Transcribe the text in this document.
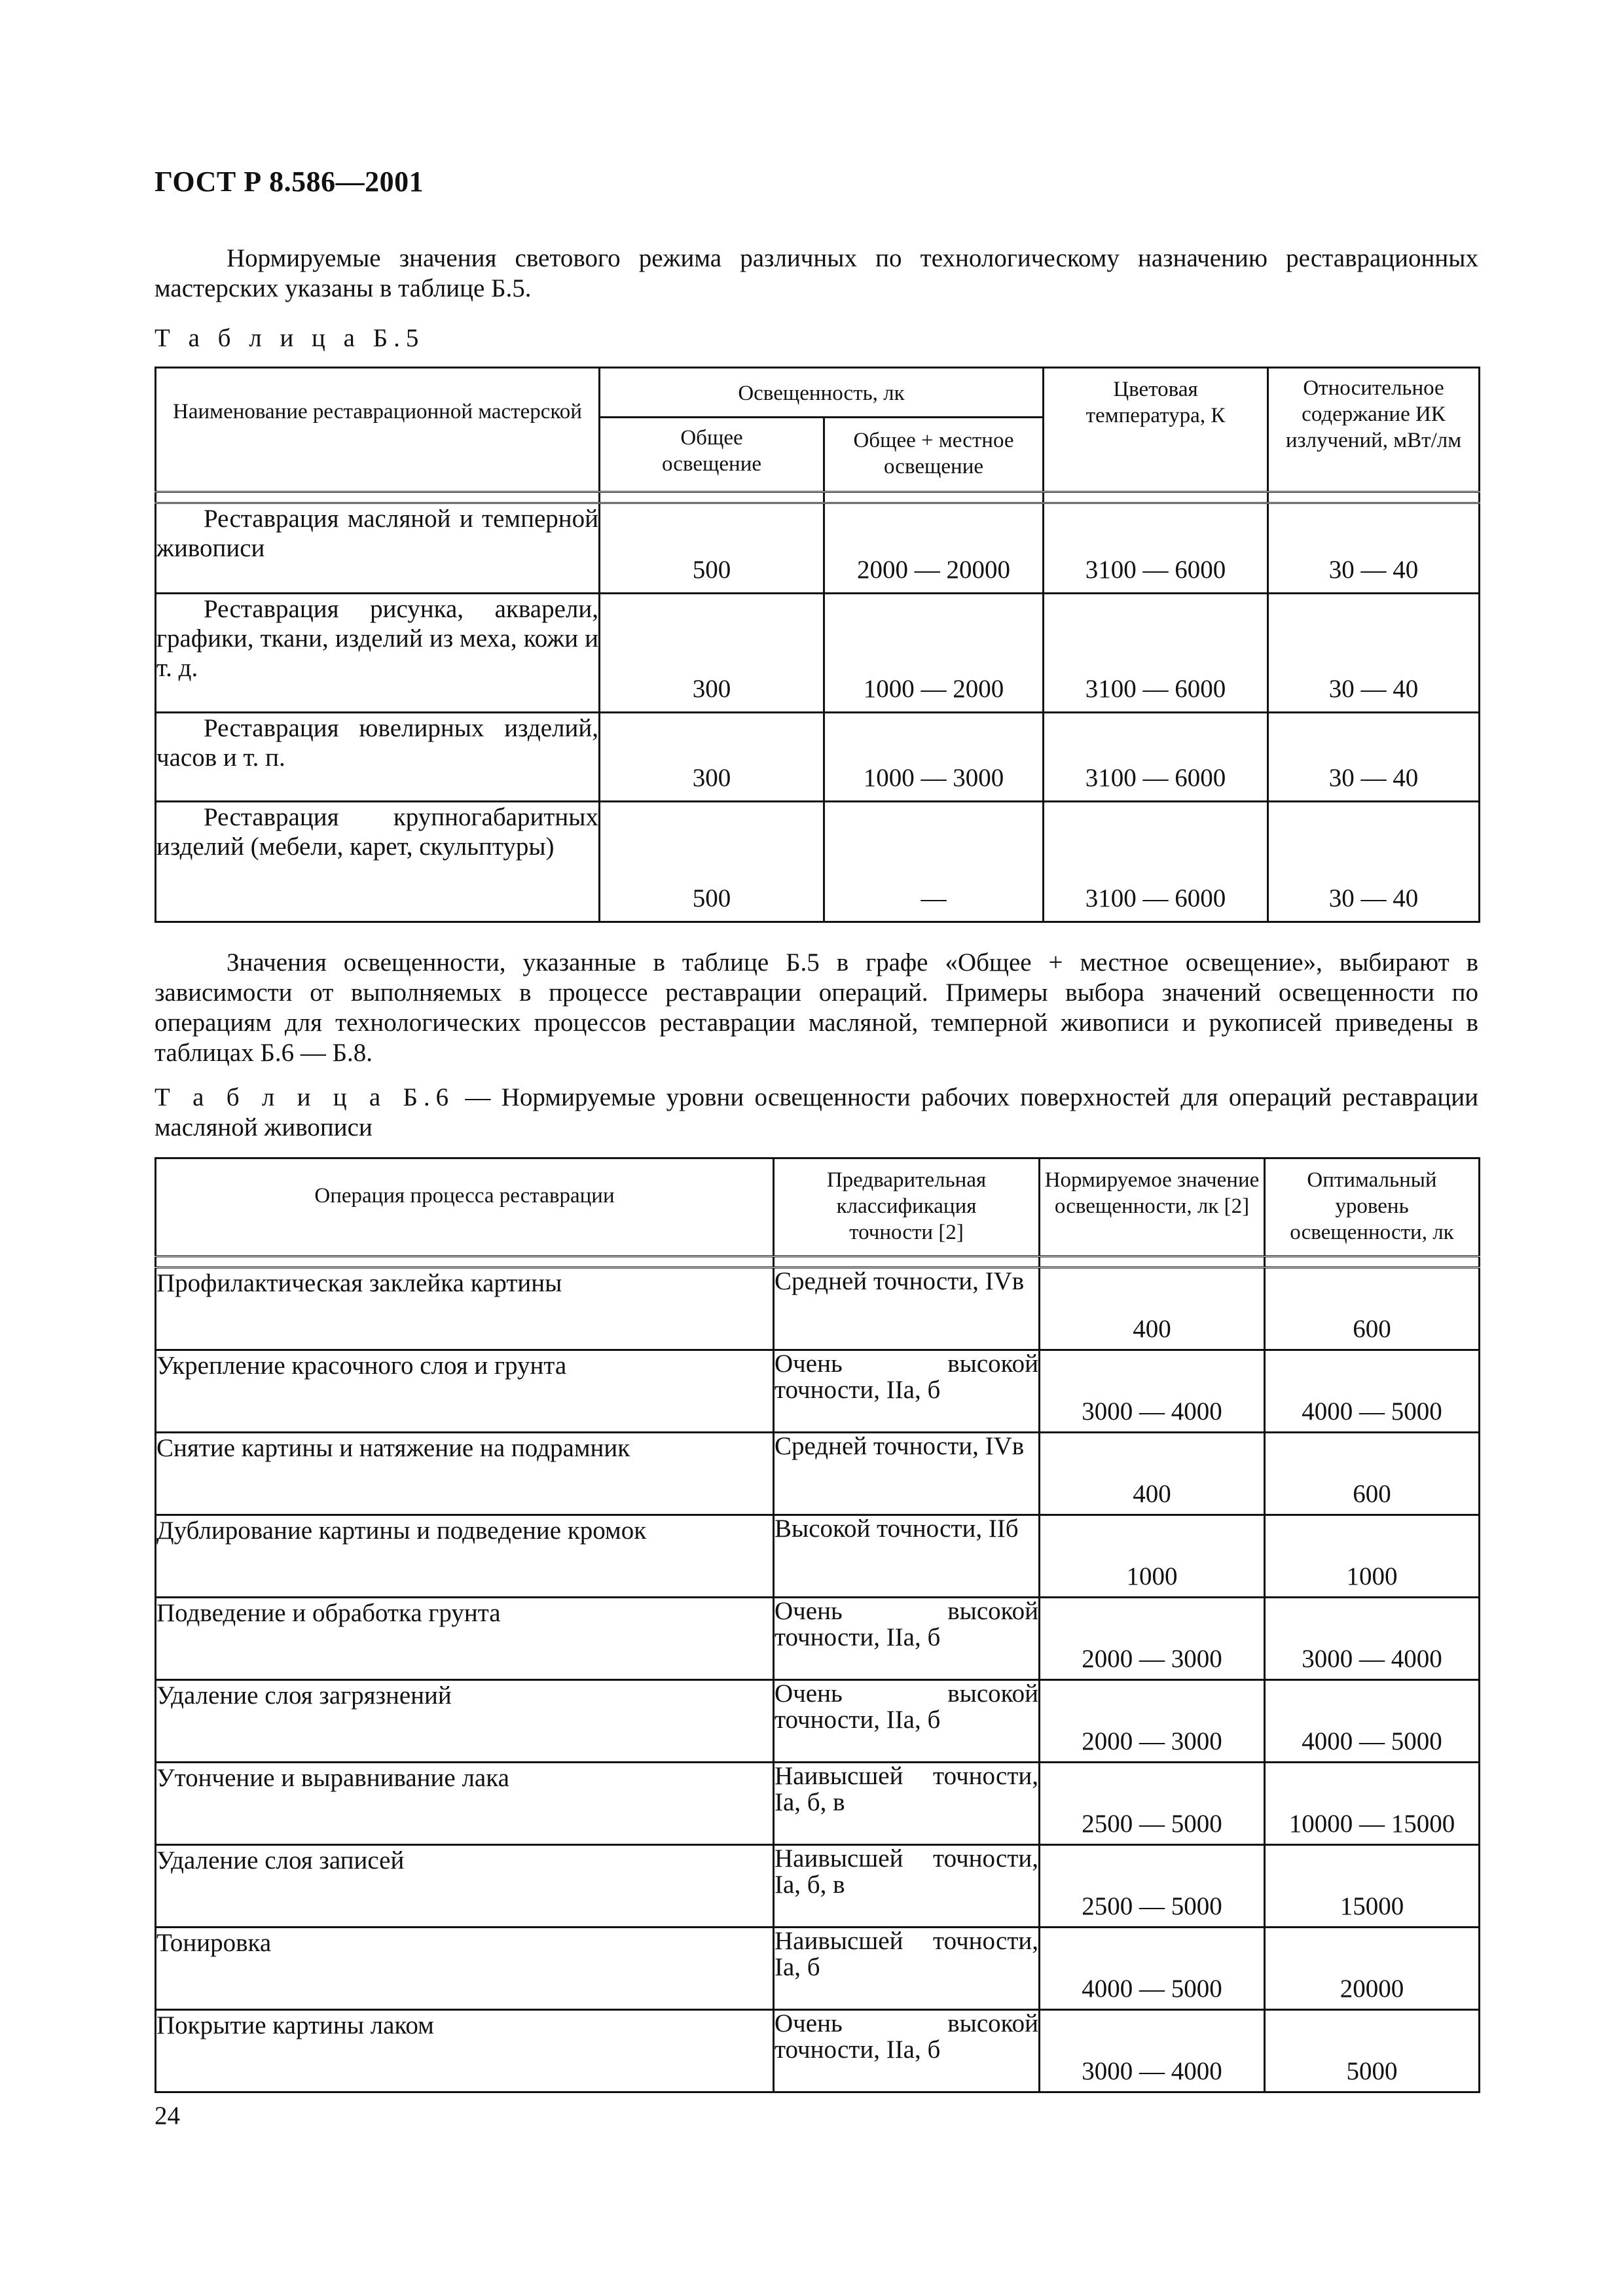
ГОСТ Р 8.586—2001

Нормируемые значения светового режима различных по технологическому назначению реставрационных мастерских указаны в таблице Б.5.

Т а б л и ц а Б.5

Наименование реставрационной мастерской	Освещенность, лк		Цветовая температура, К	Относительное содержание ИК излучений, мВт/лм

	Общее освещение	Общее + местное освещение		

Реставрация масляной и темперной живописи	500	2000 — 20000	3100 — 6000	30 — 40
Реставрация рисунка, акварели, графики, ткани, изделий из меха, кожи и т. д.	300	1000 — 2000	3100 — 6000	30 — 40
Реставрация ювелирных изделий, часов и т. п.	300	1000 — 3000	3100 — 6000	30 — 40
Реставрация крупногабаритных изделий (мебели, карет, скульптуры)	500	—	3100 — 6000	30 — 40

Значения освещенности, указанные в таблице Б.5 в графе «Общее + местное освещение», выбирают в зависимости от выполняемых в процессе реставрации операций. Примеры выбора значений освещенности по операциям для технологических процессов реставрации масляной, темперной живописи и рукописей приведены в таблицах Б.6 — Б.8.

Т а б л и ц а Б.6 — Нормируемые уровни освещенности рабочих поверхностей для операций реставрации масляной живописи

Операция процесса реставрации	Предварительная классификация точности [2]	Нормируемое значение освещенности, лк [2]	Оптимальный уровень освещенности, лк

Профилактическая заклейка картины	Средней точности, IVв	400	600
Укрепление красочного слоя и грунта	Очень высокой точности, IIа, б	3000 — 4000	4000 — 5000
Снятие картины и натяжение на подрамник	Средней точности, IVв	400	600
Дублирование картины и подведение кромок	Высокой точности, IIб	1000	1000
Подведение и обработка грунта	Очень высокой точности, IIа, б	2000 — 3000	3000 — 4000
Удаление слоя загрязнений	Очень высокой точности, IIа, б	2000 — 3000	4000 — 5000
Утончение и выравнивание лака	Наивысшей точности, Iа, б, в	2500 — 5000	10000 — 15000
Удаление слоя записей	Наивысшей точности, Iа, б, в	2500 — 5000	15000
Тонировка	Наивысшей точности, Iа, б	4000 — 5000	20000
Покрытие картины лаком	Очень высокой точности, IIа, б	3000 — 4000	5000
24
